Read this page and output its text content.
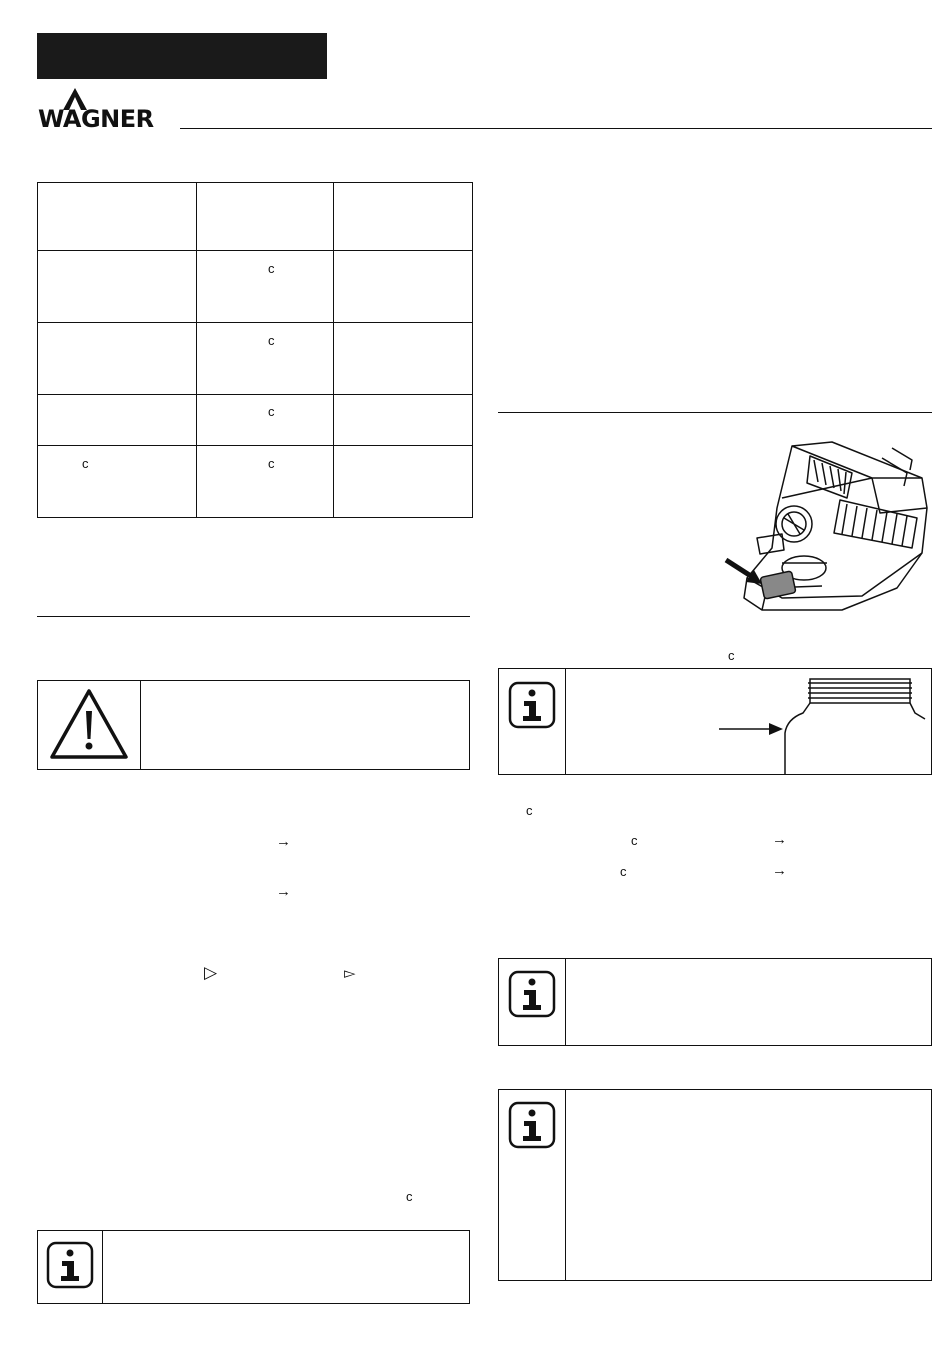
WAGNER

	c	
	c	
	c	
c	c	
→
→
▷	▻
c
c
c
c	→
c	→
